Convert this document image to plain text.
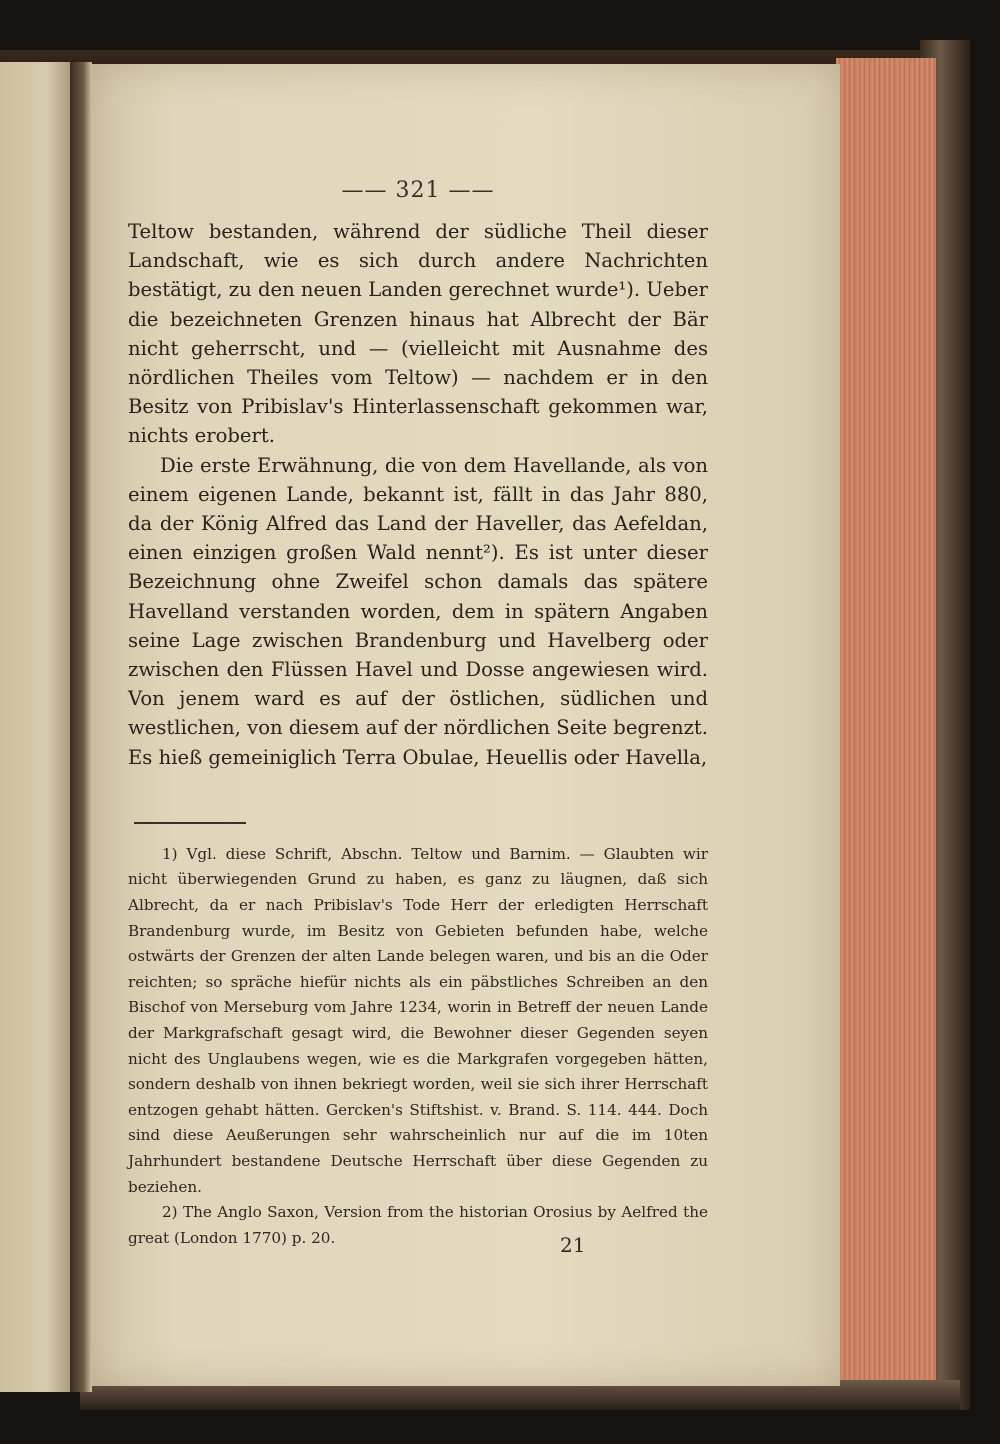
—— 321 ——

Teltow bestanden, während der südliche Theil dieser Landschaft, wie es sich durch andere Nachrichten bestätigt, zu den neuen Landen gerechnet wurde¹). Ueber die bezeichneten Grenzen hinaus hat Albrecht der Bär nicht geherrscht, und — (vielleicht mit Ausnahme des nördlichen Theiles vom Teltow) — nachdem er in den Besitz von Pribislav's Hinterlassenschaft gekommen war, nichts erobert.

Die erste Erwähnung, die von dem Havellande, als von einem eigenen Lande, bekannt ist, fällt in das Jahr 880, da der König Alfred das Land der Haveller, das Aefeldan, einen einzigen großen Wald nennt²). Es ist unter dieser Bezeichnung ohne Zweifel schon damals das spätere Havelland verstanden worden, dem in spätern Angaben seine Lage zwischen Brandenburg und Havelberg oder zwischen den Flüssen Havel und Dosse angewiesen wird. Von jenem ward es auf der östlichen, südlichen und westlichen, von diesem auf der nördlichen Seite begrenzt. Es hieß gemeiniglich Terra Obulae, Heuellis oder Havella,

1) Vgl. diese Schrift, Abschn. Teltow und Barnim. — Glaubten wir nicht überwiegenden Grund zu haben, es ganz zu läugnen, daß sich Albrecht, da er nach Pribislav's Tode Herr der erledigten Herrschaft Brandenburg wurde, im Besitz von Gebieten befunden habe, welche ostwärts der Grenzen der alten Lande belegen waren, und bis an die Oder reichten; so spräche hiefür nichts als ein päbstliches Schreiben an den Bischof von Merseburg vom Jahre 1234, worin in Betreff der neuen Lande der Markgrafschaft gesagt wird, die Bewohner dieser Gegenden seyen nicht des Unglaubens wegen, wie es die Markgrafen vorgegeben hätten, sondern deshalb von ihnen bekriegt worden, weil sie sich ihrer Herrschaft entzogen gehabt hätten. Gercken's Stiftshist. v. Brand. S. 114. 444. Doch sind diese Aeußerungen sehr wahrscheinlich nur auf die im 10ten Jahrhundert bestandene Deutsche Herrschaft über diese Gegenden zu beziehen.

2) The Anglo Saxon, Version from the historian Orosius by Aelfred the great (London 1770) p. 20.	21
